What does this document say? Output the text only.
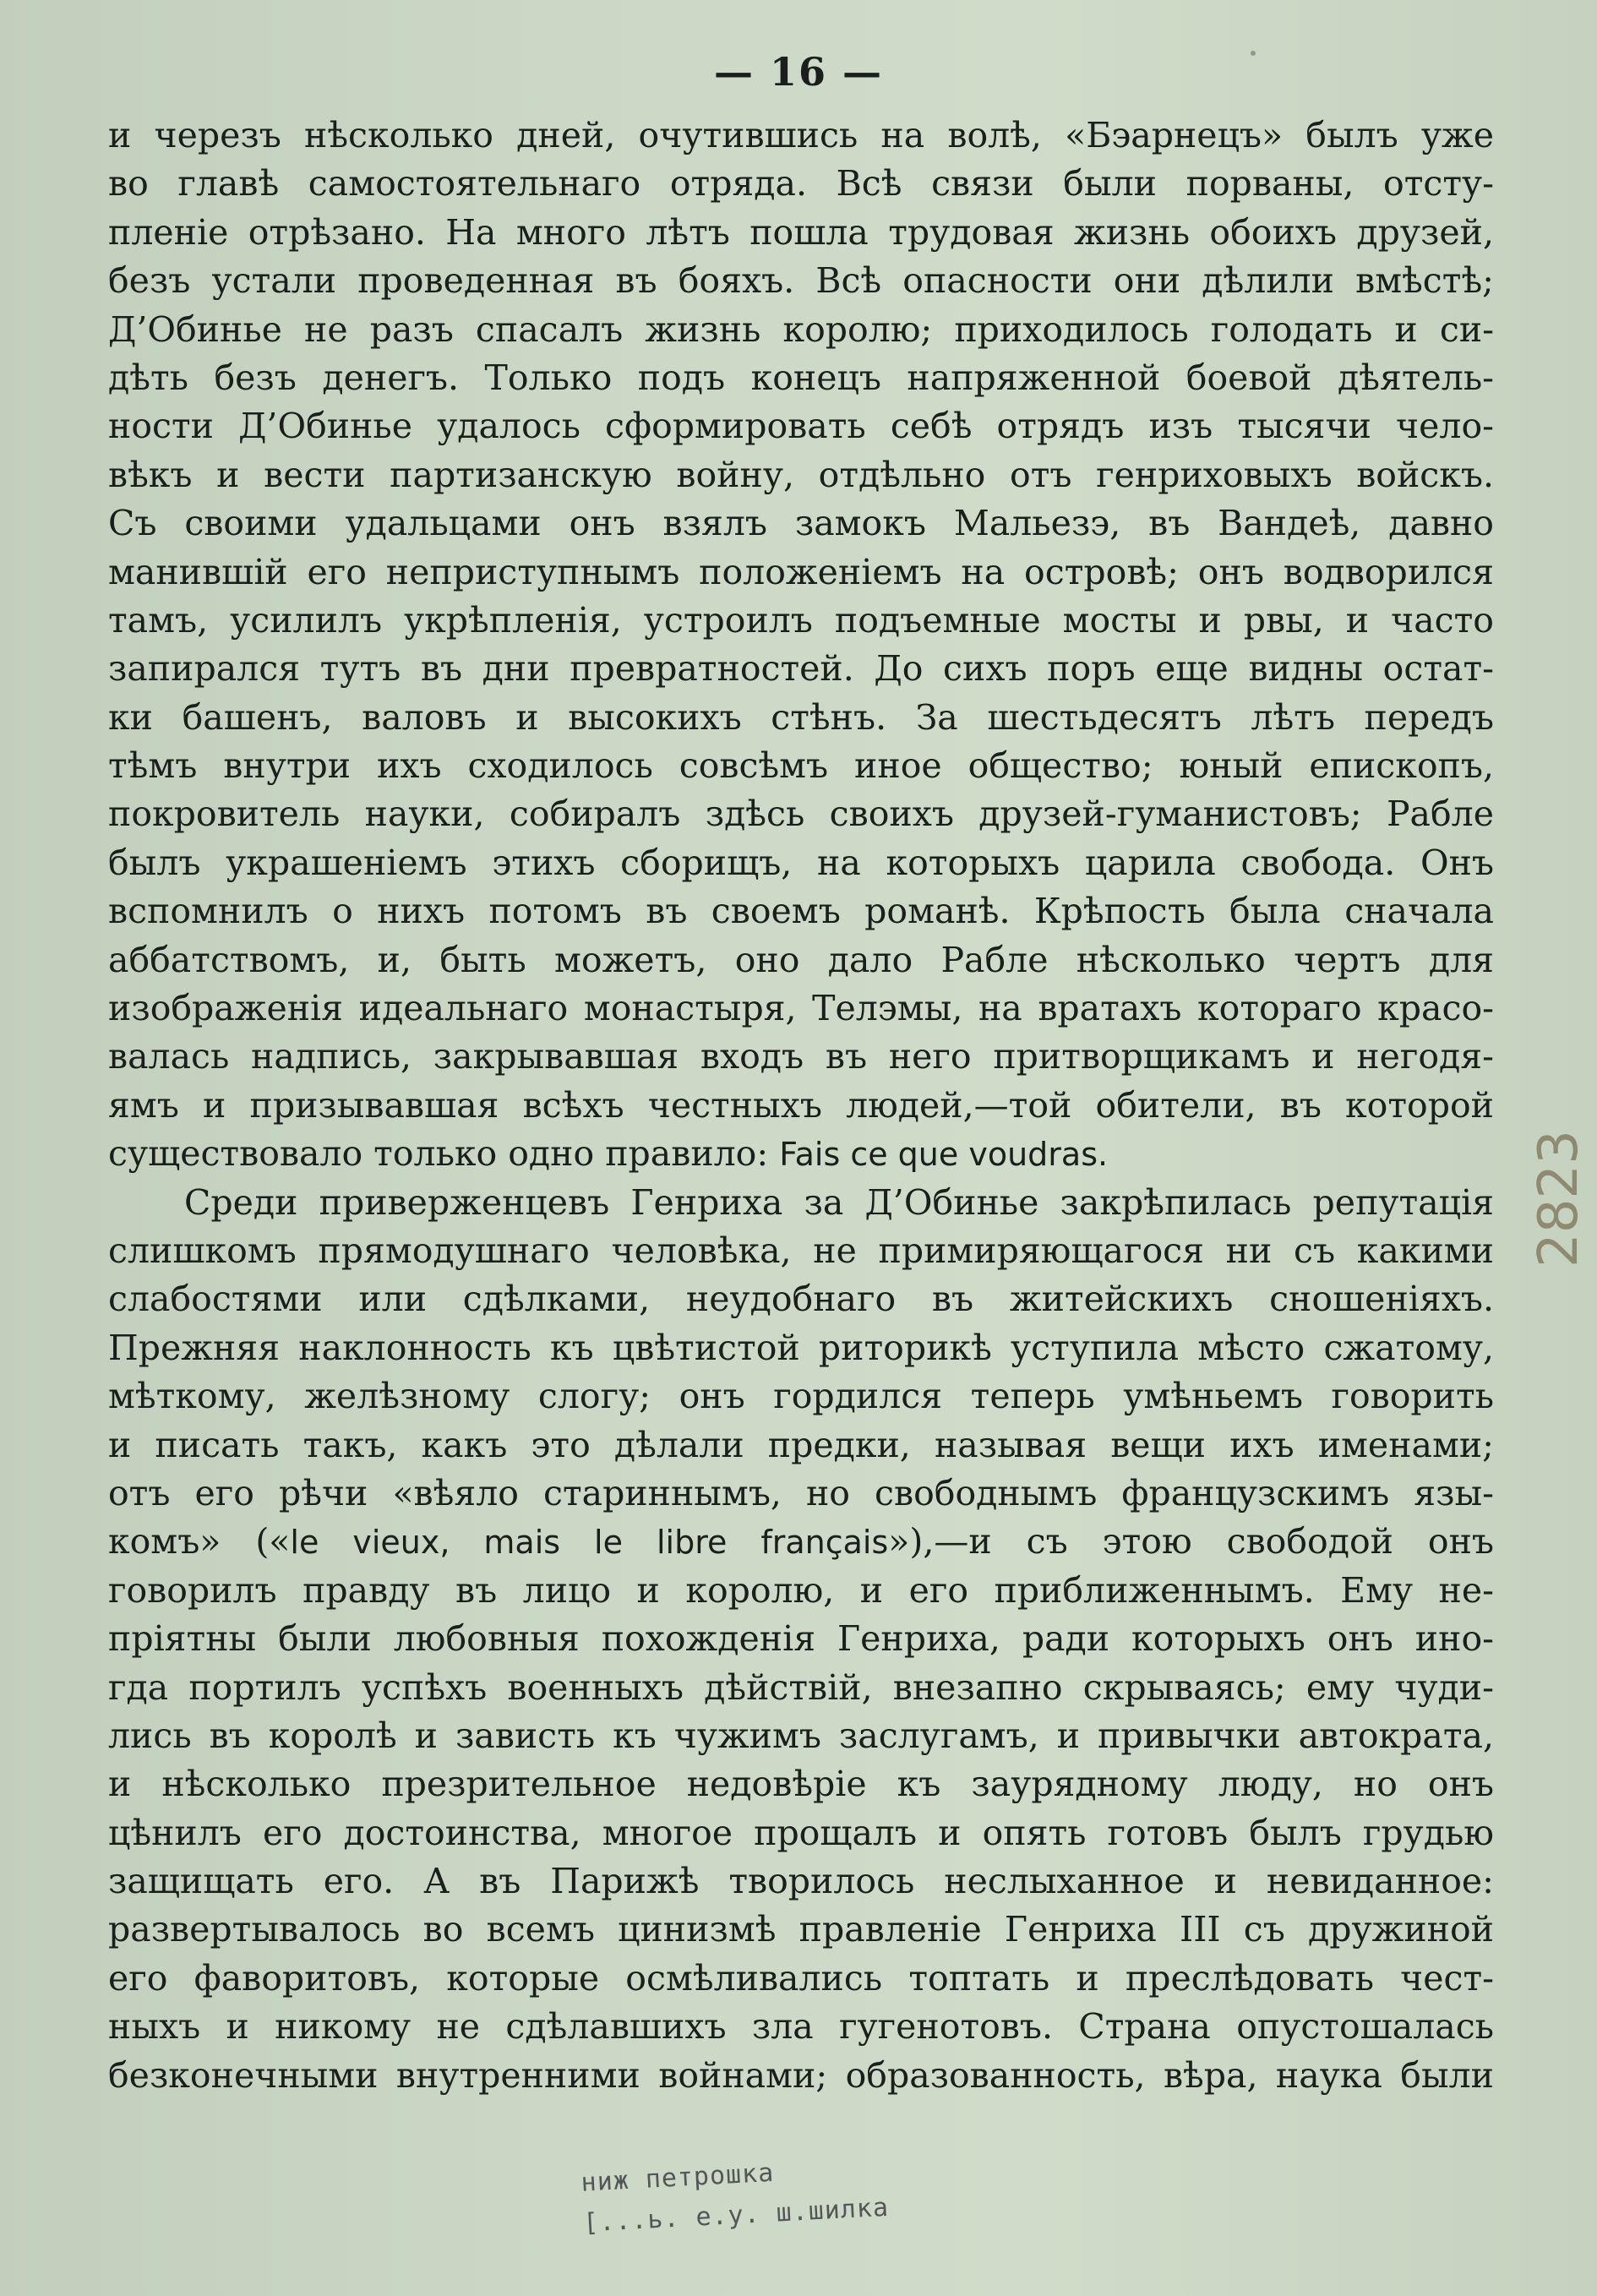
— 16 —
и черезъ нѣсколько дней, очутившись на волѣ, «Бэарнецъ» былъ уже
во главѣ самостоятельнаго отряда. Всѣ связи были порваны, отсту-
пленіе отрѣзано. На много лѣтъ пошла трудовая жизнь обоихъ друзей,
безъ устали проведенная въ бояхъ. Всѣ опасности они дѣлили вмѣстѣ;
Д’Обинье не разъ спасалъ жизнь королю; приходилось голодать и си-
дѣть безъ денегъ. Только подъ конецъ напряженной боевой дѣятель-
ности Д’Обинье удалось сформировать себѣ отрядъ изъ тысячи чело-
вѣкъ и вести партизанскую войну, отдѣльно отъ генриховыхъ войскъ.
Съ своими удальцами онъ взялъ замокъ Мальезэ, въ Вандеѣ, давно
манившій его неприступнымъ положеніемъ на островѣ; онъ водворился
тамъ, усилилъ укрѣпленія, устроилъ подъемные мосты и рвы, и часто
запирался тутъ въ дни превратностей. До сихъ поръ еще видны остат-
ки башенъ, валовъ и высокихъ стѣнъ. За шестьдесятъ лѣтъ передъ
тѣмъ внутри ихъ сходилось совсѣмъ иное общество; юный епископъ,
покровитель науки, собиралъ здѣсь своихъ друзей-гуманистовъ; Рабле
былъ украшеніемъ этихъ сборищъ, на которыхъ царила свобода. Онъ
вспомнилъ о нихъ потомъ въ своемъ романѣ. Крѣпость была сначала
аббатствомъ, и, быть можетъ, оно дало Рабле нѣсколько чертъ для
изображенія идеальнаго монастыря, Телэмы, на вратахъ котораго красо-
валась надпись, закрывавшая входъ въ него притворщикамъ и негодя-
ямъ и призывавшая всѣхъ честныхъ людей,—той обители, въ которой
существовало только одно правило: Fais ce que voudras.
Среди приверженцевъ Генриха за Д’Обинье закрѣпилась репутація
слишкомъ прямодушнаго человѣка, не примиряющагося ни съ какими
слабостями или сдѣлками, неудобнаго въ житейскихъ сношеніяхъ.
Прежняя наклонность къ цвѣтистой риторикѣ уступила мѣсто сжатому,
мѣткому, желѣзному слогу; онъ гордился теперь умѣньемъ говорить
и писать такъ, какъ это дѣлали предки, называя вещи ихъ именами;
отъ его рѣчи «вѣяло стариннымъ, но свободнымъ французскимъ язы-
комъ» («le vieux, mais le libre français»),—и съ этою свободой онъ
говорилъ правду въ лицо и королю, и его приближеннымъ. Ему не-
пріятны были любовныя похожденія Генриха, ради которыхъ онъ ино-
гда портилъ успѣхъ военныхъ дѣйствій, внезапно скрываясь; ему чуди-
лись въ королѣ и зависть къ чужимъ заслугамъ, и привычки автократа,
и нѣсколько презрительное недовѣріе къ заурядному люду, но онъ
цѣнилъ его достоинства, многое прощалъ и опять готовъ былъ грудью
защищать его. А въ Парижѣ творилось неслыханное и невиданное:
развертывалось во всемъ цинизмѣ правленіе Генриха III съ дружиной
его фаворитовъ, которые осмѣливались топтать и преслѣдовать чест-
ныхъ и никому не сдѣлавшихъ зла гугенотовъ. Страна опустошалась
безконечными внутренними войнами; образованность, вѣра, наука были
2823
ниж петрошка
[...ь. е.у. ш.шилка
